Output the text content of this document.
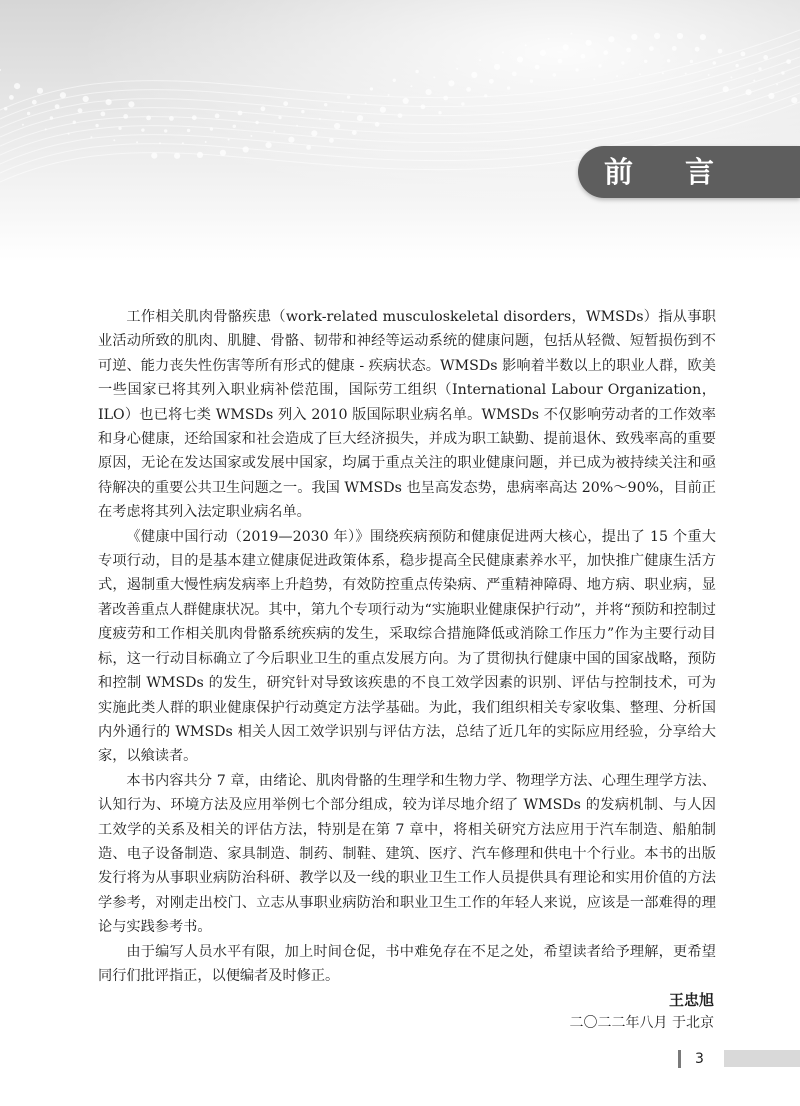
前言

工作相关肌肉骨骼疾患（work-related musculoskeletal disorders，WMSDs）指从事职业活动所致的肌肉、肌腱、骨骼、韧带和神经等运动系统的健康问题，包括从轻微、短暂损伤到不可逆、能力丧失性伤害等所有形式的健康 - 疾病状态。WMSDs 影响着半数以上的职业人群，欧美一些国家已将其列入职业病补偿范围，国际劳工组织（International Labour Organization，ILO）也已将七类 WMSDs 列入 2010 版国际职业病名单。WMSDs 不仅影响劳动者的工作效率和身心健康，还给国家和社会造成了巨大经济损失，并成为职工缺勤、提前退休、致残率高的重要原因，无论在发达国家或发展中国家，均属于重点关注的职业健康问题，并已成为被持续关注和亟待解决的重要公共卫生问题之一。我国 WMSDs 也呈高发态势，患病率高达 20%～90%，目前正在考虑将其列入法定职业病名单。

《健康中国行动（2019—2030 年）》围绕疾病预防和健康促进两大核心，提出了 15 个重大专项行动，目的是基本建立健康促进政策体系，稳步提高全民健康素养水平，加快推广健康生活方式，遏制重大慢性病发病率上升趋势，有效防控重点传染病、严重精神障碍、地方病、职业病，显著改善重点人群健康状况。其中，第九个专项行动为“实施职业健康保护行动”，并将“预防和控制过度疲劳和工作相关肌肉骨骼系统疾病的发生，采取综合措施降低或消除工作压力”作为主要行动目标，这一行动目标确立了今后职业卫生的重点发展方向。为了贯彻执行健康中国的国家战略，预防和控制 WMSDs 的发生，研究针对导致该疾患的不良工效学因素的识别、评估与控制技术，可为实施此类人群的职业健康保护行动奠定方法学基础。为此，我们组织相关专家收集、整理、分析国内外通行的 WMSDs 相关人因工效学识别与评估方法，总结了近几年的实际应用经验，分享给大家，以飨读者。

本书内容共分 7 章，由绪论、肌肉骨骼的生理学和生物力学、物理学方法、心理生理学方法、认知行为、环境方法及应用举例七个部分组成，较为详尽地介绍了 WMSDs 的发病机制、与人因工效学的关系及相关的评估方法，特别是在第 7 章中，将相关研究方法应用于汽车制造、船舶制造、电子设备制造、家具制造、制药、制鞋、建筑、医疗、汽车修理和供电十个行业。本书的出版发行将为从事职业病防治科研、教学以及一线的职业卫生工作人员提供具有理论和实用价值的方法学参考，对刚走出校门、立志从事职业病防治和职业卫生工作的年轻人来说，应该是一部难得的理论与实践参考书。

由于编写人员水平有限，加上时间仓促，书中难免存在不足之处，希望读者给予理解，更希望同行们批评指正，以便编者及时修正。

王忠旭
二〇二二年八月 于北京
3
